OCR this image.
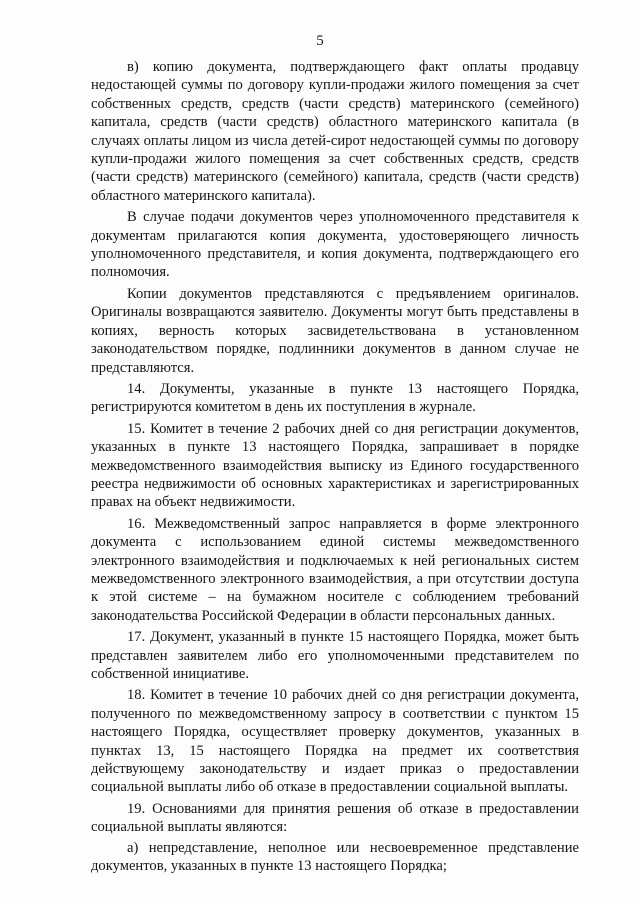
5

в) копию документа, подтверждающего факт оплаты продавцу недостающей суммы по договору купли-продажи жилого помещения за счет собственных средств, средств (части средств) материнского (семейного) капитала, средств (части средств) областного материнского капитала (в случаях оплаты лицом из числа детей-сирот недостающей суммы по договору купли-продажи жилого помещения за счет собственных средств, средств (части средств) материнского (семейного) капитала, средств (части средств) областного материнского капитала).

В случае подачи документов через уполномоченного представителя к документам прилагаются копия документа, удостоверяющего личность уполномоченного представителя, и копия документа, подтверждающего его полномочия.

Копии документов представляются с предъявлением оригиналов. Оригиналы возвращаются заявителю. Документы могут быть представлены в копиях, верность которых засвидетельствована в установленном законодательством порядке, подлинники документов в данном случае не представляются.

14. Документы, указанные в пункте 13 настоящего Порядка, регистрируются комитетом в день их поступления в журнале.

15. Комитет в течение 2 рабочих дней со дня регистрации документов, указанных в пункте 13 настоящего Порядка, запрашивает в порядке межведомственного взаимодействия выписку из Единого государственного реестра недвижимости об основных характеристиках и зарегистрированных правах на объект недвижимости.

16. Межведомственный запрос направляется в форме электронного документа с использованием единой системы межведомственного электронного взаимодействия и подключаемых к ней региональных систем межведомственного электронного взаимодействия, а при отсутствии доступа к этой системе – на бумажном носителе с соблюдением требований законодательства Российской Федерации в области персональных данных.

17. Документ, указанный в пункте 15 настоящего Порядка, может быть представлен заявителем либо его уполномоченными представителем по собственной инициативе.

18. Комитет в течение 10 рабочих дней со дня регистрации документа, полученного по межведомственному запросу в соответствии с пунктом 15 настоящего Порядка, осуществляет проверку документов, указанных в пунктах 13, 15 настоящего Порядка на предмет их соответствия действующему законодательству и издает приказ о предоставлении социальной выплаты либо об отказе в предоставлении социальной выплаты.

19. Основаниями для принятия решения об отказе в предоставлении социальной выплаты являются:

а) непредставление, неполное или несвоевременное представление документов, указанных в пункте 13 настоящего Порядка;
